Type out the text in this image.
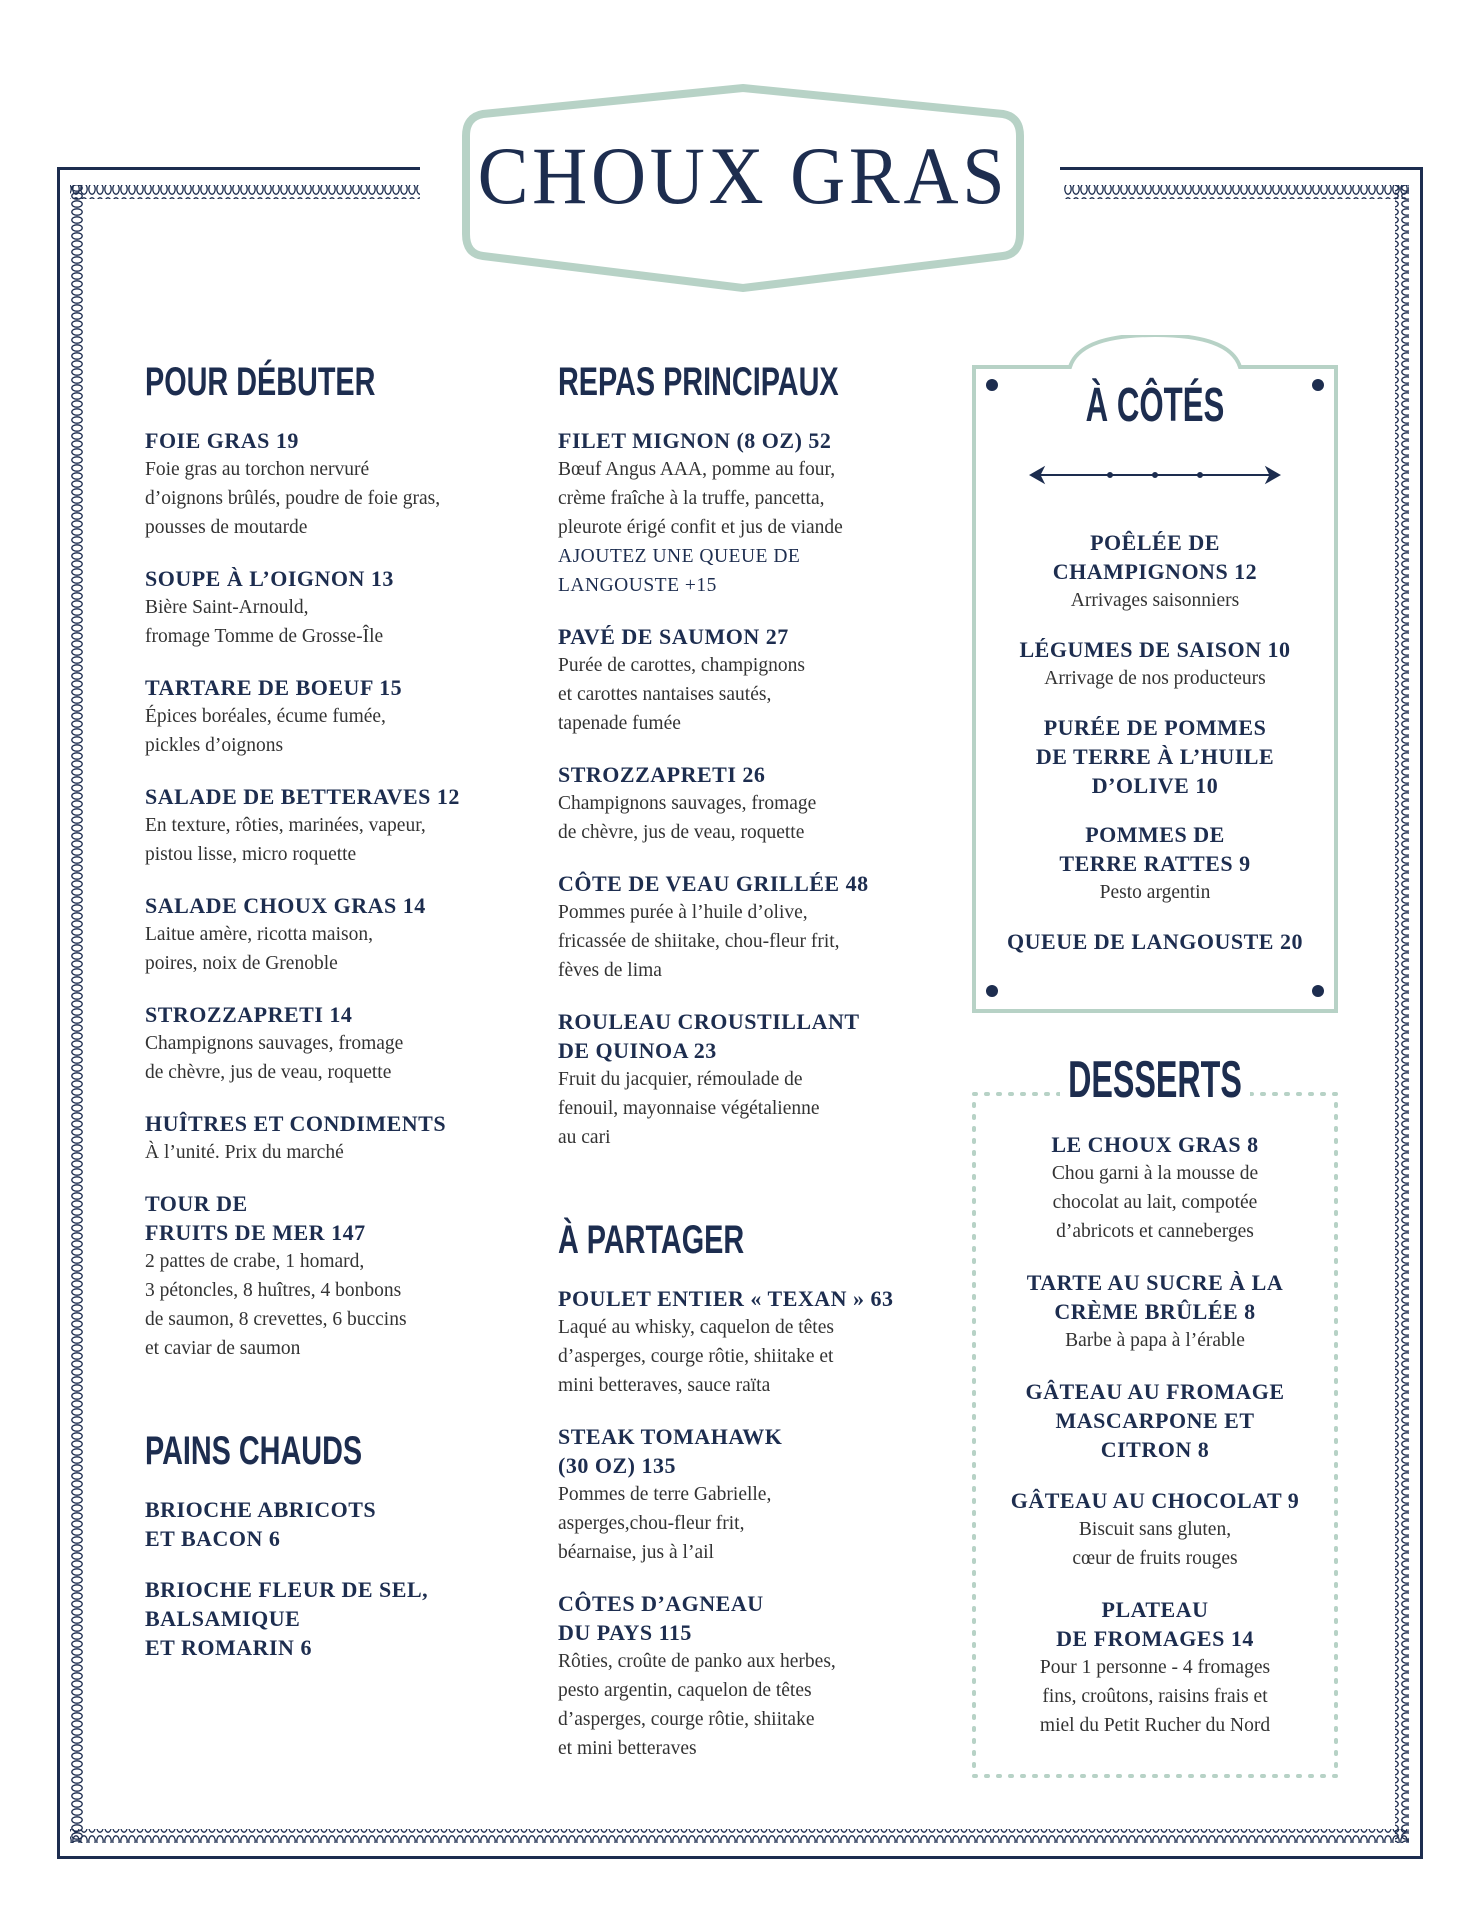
CHOUX GRAS
POUR DÉBUTER
FOIE GRAS 19
Foie gras au torchon nervuré
d’oignons brûlés, poudre de foie gras,
pousses de moutarde
SOUPE À L’OIGNON 13
Bière Saint-Arnould,
fromage Tomme de Grosse-Île
TARTARE DE BOEUF 15
Épices boréales, écume fumée,
pickles d’oignons
SALADE DE BETTERAVES 12
En texture, rôties, marinées, vapeur,
pistou lisse, micro roquette
SALADE CHOUX GRAS 14
Laitue amère, ricotta maison,
poires, noix de Grenoble
STROZZAPRETI 14
Champignons sauvages, fromage
de chèvre, jus de veau, roquette
HUÎTRES ET CONDIMENTS
À l’unité. Prix du marché
TOUR DE
FRUITS DE MER 147
2 pattes de crabe, 1 homard,
3 pétoncles, 8 huîtres, 4 bonbons
de saumon, 8 crevettes, 6 buccins
et caviar de saumon
PAINS CHAUDS
BRIOCHE ABRICOTS
ET BACON 6
BRIOCHE FLEUR DE SEL,
BALSAMIQUE
ET ROMARIN 6
REPAS PRINCIPAUX
FILET MIGNON (8 OZ) 52
Bœuf Angus AAA, pomme au four,
crème fraîche à la truffe, pancetta,
pleurote érigé confit et jus de viande
AJOUTEZ UNE QUEUE DE
LANGOUSTE +15
PAVÉ DE SAUMON 27
Purée de carottes, champignons
et carottes nantaises sautés,
tapenade fumée
STROZZAPRETI 26
Champignons sauvages, fromage
de chèvre, jus de veau, roquette
CÔTE DE VEAU GRILLÉE 48
Pommes purée à l’huile d’olive,
fricassée de shiitake, chou-fleur frit,
fèves de lima
ROULEAU CROUSTILLANT
DE QUINOA 23
Fruit du jacquier, rémoulade de
fenouil, mayonnaise végétalienne
au cari
À PARTAGER
POULET ENTIER « TEXAN » 63
Laqué au whisky, caquelon de têtes
d’asperges, courge rôtie, shiitake et
mini betteraves, sauce raïta
STEAK TOMAHAWK
(30 OZ) 135
Pommes de terre Gabrielle,
asperges,chou-fleur frit,
béarnaise, jus à l’ail
CÔTES D’AGNEAU
DU PAYS 115
Rôties, croûte de panko aux herbes,
pesto argentin, caquelon de têtes
d’asperges, courge rôtie, shiitake
et mini betteraves
À CÔTÉS
POÊLÉE DE
CHAMPIGNONS 12
Arrivages saisonniers
LÉGUMES DE SAISON 10
Arrivage de nos producteurs
PURÉE DE POMMES
DE TERRE À L’HUILE
D’OLIVE 10
POMMES DE
TERRE RATTES 9
Pesto argentin
QUEUE DE LANGOUSTE 20
DESSERTS
LE CHOUX GRAS 8
Chou garni à la mousse de
chocolat au lait, compotée
d’abricots et canneberges
TARTE AU SUCRE À LA
CRÈME BRÛLÉE 8
Barbe à papa à l’érable
GÂTEAU AU FROMAGE
MASCARPONE ET
CITRON 8
GÂTEAU AU CHOCOLAT 9
Biscuit sans gluten,
cœur de fruits rouges
PLATEAU
DE FROMAGES 14
Pour 1 personne - 4 fromages
fins, croûtons, raisins frais et
miel du Petit Rucher du Nord
